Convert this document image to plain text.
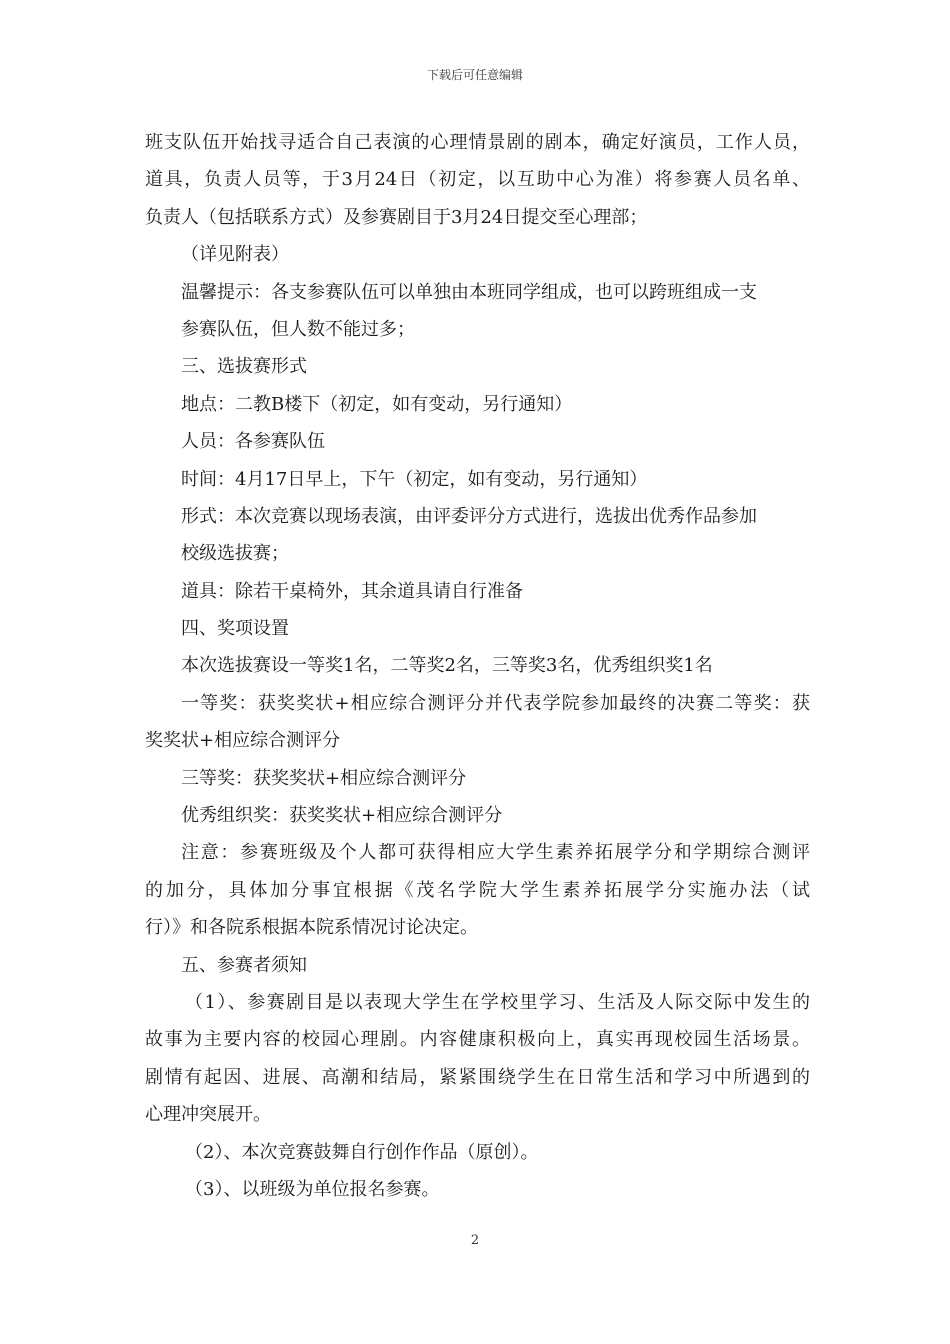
下载后可任意编辑
班支队伍开始找寻适合自己表演的心理情景剧的剧本，确定好演员，工作人员，
道具，负责人员等，于3月24日（初定，以互助中心为准）将参赛人员名单、
负责人（包括联系方式）及参赛剧目于3月24日提交至心理部；
（详见附表）
温馨提示：各支参赛队伍可以单独由本班同学组成，也可以跨班组成一支
参赛队伍，但人数不能过多；
三、选拔赛形式
地点：二教B楼下（初定，如有变动，另行通知）
人员：各参赛队伍
时间：4月17日早上，下午（初定，如有变动，另行通知）
形式：本次竞赛以现场表演，由评委评分方式进行，选拔出优秀作品参加
校级选拔赛；
道具：除若干桌椅外，其余道具请自行准备
四、奖项设置
本次选拔赛设一等奖1名，二等奖2名，三等奖3名，优秀组织奖1名
一等奖：获奖奖状+相应综合测评分并代表学院参加最终的决赛二等奖：获
奖奖状+相应综合测评分
三等奖：获奖奖状+相应综合测评分
优秀组织奖：获奖奖状+相应综合测评分
注意：参赛班级及个人都可获得相应大学生素养拓展学分和学期综合测评
的加分，具体加分事宜根据《茂名学院大学生素养拓展学分实施办法（试
行）》和各院系根据本院系情况讨论决定。
五、参赛者须知
（1）、参赛剧目是以表现大学生在学校里学习、生活及人际交际中发生的
故事为主要内容的校园心理剧。内容健康积极向上，真实再现校园生活场景。
剧情有起因、进展、高潮和结局，紧紧围绕学生在日常生活和学习中所遇到的
心理冲突展开。
（2）、本次竞赛鼓舞自行创作作品（原创）。
（3）、以班级为单位报名参赛。
2
